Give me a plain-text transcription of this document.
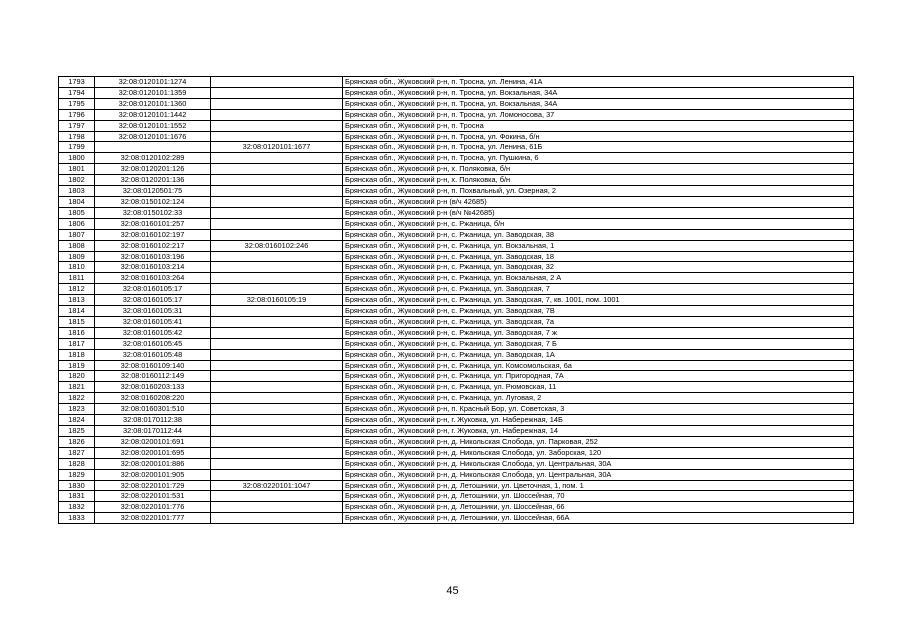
1793	32:08:0120101:1274		Брянская обл., Жуковский р-н, п. Тросна, ул. Ленина, 41А
1794	32:08:0120101:1359		Брянская обл., Жуковский р-н, п. Тросна, ул. Вокзальная, 34А
1795	32:08:0120101:1360		Брянская обл., Жуковский р-н, п. Тросна, ул. Вокзальная, 34А
1796	32:08:0120101:1442		Брянская обл., Жуковский р-н, п. Тросна, ул. Ломоносова, 37
1797	32:08:0120101:1552		Брянская обл., Жуковский р-н, п. Тросна
1798	32:08:0120101:1676		Брянская обл., Жуковский р-н, п. Тросна, ул. Фокина, б/н
1799		32:08:0120101:1677	Брянская обл., Жуковский р-н, п. Тросна, ул. Ленина, 61Б
1800	32:08:0120102:289		Брянская обл., Жуковский р-н, п. Тросна, ул. Пушкина, 6
1801	32:08:0120201:126		Брянская обл., Жуковский р-н, х. Поляковка, б/н
1802	32:08:0120201:136		Брянская обл., Жуковский р-н, х. Поляковка, б/н
1803	32:08:0120501:75		Брянская обл., Жуковский р-н, п. Похвальный, ул. Озерная, 2
1804	32:08:0150102:124		Брянская обл., Жуковский р-н (в/ч 42685)
1805	32:08:0150102:33		Брянская обл., Жуковский р-н (в/ч №42685)
1806	32:08:0160101:257		Брянская обл., Жуковский р-н, с. Ржаница, б/н
1807	32:08:0160102:197		Брянская обл., Жуковский р-н, с. Ржаница, ул. Заводская, 38
1808	32:08:0160102:217	32:08:0160102:246	Брянская обл., Жуковский р-н, с. Ржаница, ул. Вокзальная, 1
1809	32:08:0160103:196		Брянская обл., Жуковский р-н, с. Ржаница, ул. Заводская, 18
1810	32:08:0160103:214		Брянская обл., Жуковский р-н, с. Ржаница, ул. Заводская, 32
1811	32:08:0160103:264		Брянская обл., Жуковский р-н, с. Ржаница, ул. Вокзальная, 2 А
1812	32:08:0160105:17		Брянская обл., Жуковский р-н, с. Ржаница, ул. Заводская, 7
1813	32:08:0160105:17	32:08:0160105:19	Брянская обл., Жуковский р-н, с. Ржаница, ул. Заводская, 7, кв. 1001, пом. 1001
1814	32:08:0160105:31		Брянская обл., Жуковский р-н, с. Ржаница, ул. Заводская, 7В
1815	32:08:0160105:41		Брянская обл., Жуковский р-н, с. Ржаница, ул. Заводская, 7а
1816	32:08:0160105:42		Брянская обл., Жуковский р-н, с. Ржаница, ул. Заводская, 7 ж
1817	32:08:0160105:45		Брянская обл., Жуковский р-н, с. Ржаница, ул. Заводская, 7 Б
1818	32:08:0160105:48		Брянская обл., Жуковский р-н, с. Ржаница, ул. Заводская, 1А
1819	32:08:0160109:140		Брянская обл., Жуковский р-н, с. Ржаница, ул. Комсомольская, 6а
1820	32:08:0160112:149		Брянская обл., Жуковский р-н, с. Ржаница, ул. Пригородная, 7А
1821	32:08:0160203:133		Брянская обл., Жуковский р-н, с. Ржаница, ул. Рюмовская, 11
1822	32:08:0160208:220		Брянская обл., Жуковский р-н, с. Ржаница, ул. Луговая, 2
1823	32:08:0160301:510		Брянская обл., Жуковский р-н, п. Красный Бор, ул. Советская, 3
1824	32:08:0170112:38		Брянская обл., Жуковский р-н, г. Жуковка, ул. Набережная, 14Б
1825	32:08:0170112:44		Брянская обл., Жуковский р-н, г. Жуковка, ул. Набережная, 14
1826	32:08:0200101:691		Брянская обл., Жуковский р-н, д. Никольская Слобода, ул. Парковая, 252
1827	32:08:0200101:695		Брянская обл., Жуковский р-н, д. Никольская Слобода, ул. Заборская, 120
1828	32:08:0200101:886		Брянская обл., Жуковский р-н, д. Никольская Слобода, ул. Центральная, 30А
1829	32:08:0200101:905		Брянская обл., Жуковский р-н, д. Никольская Слобода, ул. Центральная, 30А
1830	32:08:0220101:729	32:08:0220101:1047	Брянская обл., Жуковский р-н, д. Летошники, ул. Цветочная, 1, пом. 1
1831	32:08:0220101:531		Брянская обл., Жуковский р-н, д. Летошники, ул. Шоссейная, 70
1832	32:08:0220101:776		Брянская обл., Жуковский р-н, д. Летошники, ул. Шоссейная, 66
1833	32:08:0220101:777		Брянская обл., Жуковский р-н, д. Летошники, ул. Шоссейная, 66А
45
